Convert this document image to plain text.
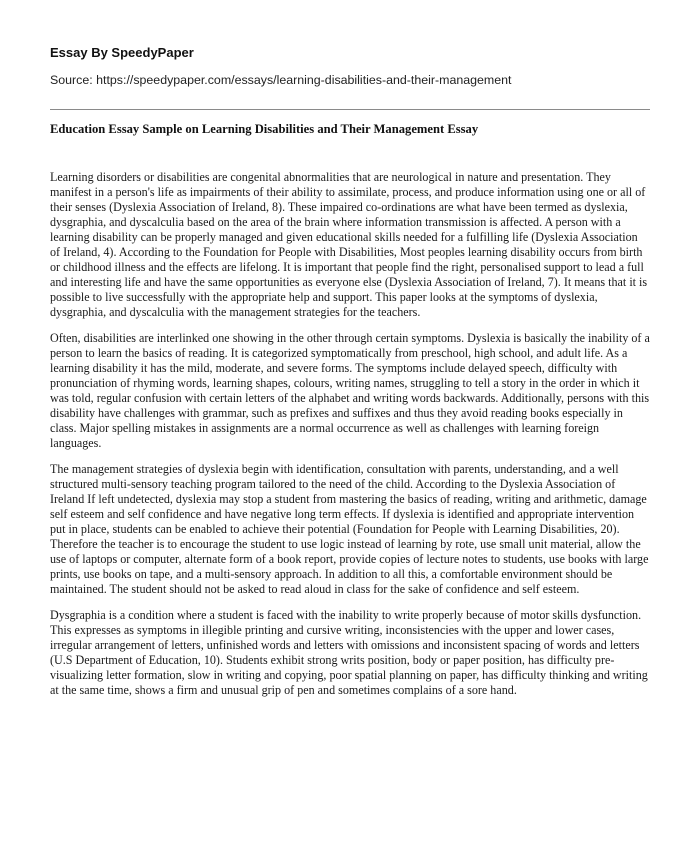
Essay By SpeedyPaper
Source: https://speedypaper.com/essays/learning-disabilities-and-their-management
Education Essay Sample on Learning Disabilities and Their Management Essay

Learning disorders or disabilities are congenital abnormalities that are neurological in nature and presentation. They manifest in a person's life as impairments of their ability to assimilate, process, and produce information using one or all of their senses (Dyslexia Association of Ireland, 8). These impaired co-ordinations are what have been termed as dyslexia, dysgraphia, and dyscalculia based on the area of the brain where information transmission is affected. A person with a learning disability can be properly managed and given educational skills needed for a fulfilling life (Dyslexia Association of Ireland, 4). According to the Foundation for People with Disabilities, Most peoples learning disability occurs from birth or childhood illness and the effects are lifelong. It is important that people find the right, personalised support to lead a full and interesting life and have the same opportunities as everyone else (Dyslexia Association of Ireland, 7). It means that it is possible to live successfully with the appropriate help and support. This paper looks at the symptoms of dyslexia, dysgraphia, and dyscalculia with the management strategies for the teachers.

Often, disabilities are interlinked one showing in the other through certain symptoms. Dyslexia is basically the inability of a person to learn the basics of reading. It is categorized symptomatically from preschool, high school, and adult life. As a learning disability it has the mild, moderate, and severe forms. The symptoms include delayed speech, difficulty with pronunciation of rhyming words, learning shapes, colours, writing names, struggling to tell a story in the order in which it was told, regular confusion with certain letters of the alphabet and writing words backwards. Additionally, persons with this disability have challenges with grammar, such as prefixes and suffixes and thus they avoid reading books especially in class. Major spelling mistakes in assignments are a normal occurrence as well as challenges with learning foreign languages.

The management strategies of dyslexia begin with identification, consultation with parents, understanding, and a well structured multi-sensory teaching program tailored to the need of the child. According to the Dyslexia Association of Ireland If left undetected, dyslexia may stop a student from mastering the basics of reading, writing and arithmetic, damage self esteem and self confidence and have negative long term effects. If dyslexia is identified and appropriate intervention put in place, students can be enabled to achieve their potential (Foundation for People with Learning Disabilities, 20). Therefore the teacher is to encourage the student to use logic instead of learning by rote, use small unit material, allow the use of laptops or computer, alternate form of a book report, provide copies of lecture notes to students, use books with large prints, use books on tape, and a multi-sensory approach. In addition to all this, a comfortable environment should be maintained. The student should not be asked to read aloud in class for the sake of confidence and self esteem.

Dysgraphia is a condition where a student is faced with the inability to write properly because of motor skills dysfunction. This expresses as symptoms in illegible printing and cursive writing, inconsistencies with the upper and lower cases, irregular arrangement of letters, unfinished words and letters with omissions and inconsistent spacing of words and letters (U.S Department of Education, 10). Students exhibit strong writs position, body or paper position, has difficulty pre-visualizing letter formation, slow in writing and copying, poor spatial planning on paper, has difficulty thinking and writing at the same time, shows a firm and unusual grip of pen and sometimes complains of a sore hand.
